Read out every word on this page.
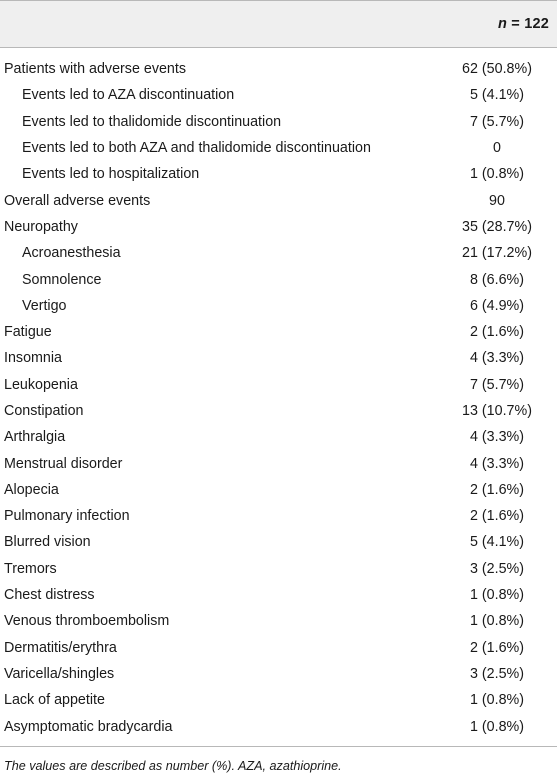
n = 122
Patients with adverse events	62 (50.8%)
Events led to AZA discontinuation	5 (4.1%)
Events led to thalidomide discontinuation	7 (5.7%)
Events led to both AZA and thalidomide discontinuation	0
Events led to hospitalization	1 (0.8%)
Overall adverse events	90
Neuropathy	35 (28.7%)
Acroanesthesia	21 (17.2%)
Somnolence	8 (6.6%)
Vertigo	6 (4.9%)
Fatigue	2 (1.6%)
Insomnia	4 (3.3%)
Leukopenia	7 (5.7%)
Constipation	13 (10.7%)
Arthralgia	4 (3.3%)
Menstrual disorder	4 (3.3%)
Alopecia	2 (1.6%)
Pulmonary infection	2 (1.6%)
Blurred vision	5 (4.1%)
Tremors	3 (2.5%)
Chest distress	1 (0.8%)
Venous thromboembolism	1 (0.8%)
Dermatitis/erythra	2 (1.6%)
Varicella/shingles	3 (2.5%)
Lack of appetite	1 (0.8%)
Asymptomatic bradycardia	1 (0.8%)
The values are described as number (%). AZA, azathioprine.
